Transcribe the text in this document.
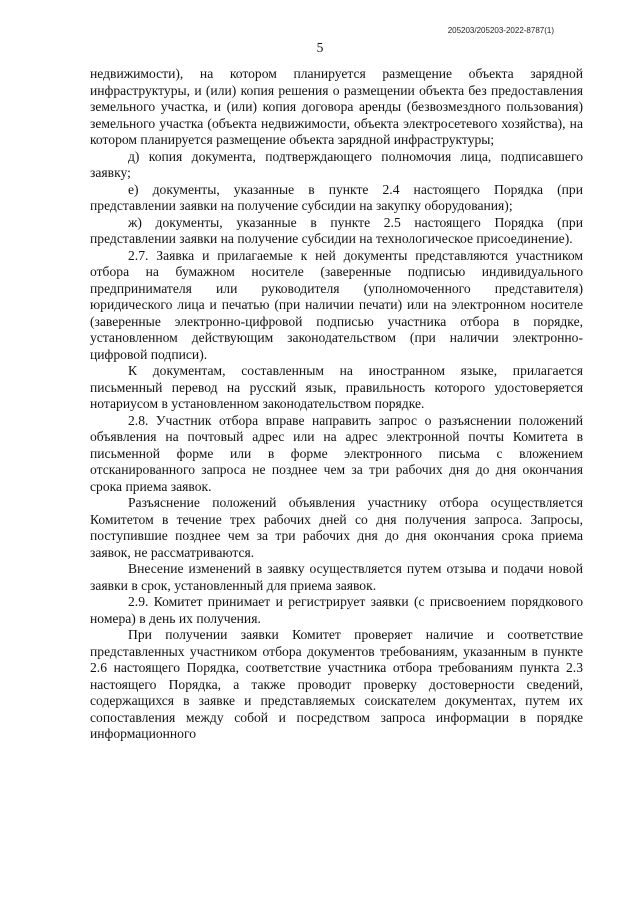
205203/205203-2022-8787(1)
5

недвижимости), на котором планируется размещение объекта зарядной инфраструктуры, и (или) копия решения о размещении объекта без предоставления земельного участка, и (или) копия договора аренды (безвозмездного пользования) земельного участка (объекта недвижимости, объекта электросетевого хозяйства), на котором планируется размещение объекта зарядной инфраструктуры;

д) копия документа, подтверждающего полномочия лица, подписавшего заявку;

е) документы, указанные в пункте 2.4 настоящего Порядка (при представлении заявки на получение субсидии на закупку оборудования);

ж) документы, указанные в пункте 2.5 настоящего Порядка (при представлении заявки на получение субсидии на технологическое присоединение).

2.7. Заявка и прилагаемые к ней документы представляются участником отбора на бумажном носителе (заверенные подписью индивидуального предпринимателя или руководителя (уполномоченного представителя) юридического лица и печатью (при наличии печати) или на электронном носителе (заверенные электронно-цифровой подписью участника отбора в порядке, установленном действующим законодательством (при наличии электронно-цифровой подписи).

К документам, составленным на иностранном языке, прилагается письменный перевод на русский язык, правильность которого удостоверяется нотариусом в установленном законодательством порядке.

2.8. Участник отбора вправе направить запрос о разъяснении положений объявления на почтовый адрес или на адрес электронной почты Комитета в письменной форме или в форме электронного письма с вложением отсканированного запроса не позднее чем за три рабочих дня до дня окончания срока приема заявок.

Разъяснение положений объявления участнику отбора осуществляется Комитетом в течение трех рабочих дней со дня получения запроса. Запросы, поступившие позднее чем за три рабочих дня до дня окончания срока приема заявок, не рассматриваются.

Внесение изменений в заявку осуществляется путем отзыва и подачи новой заявки в срок, установленный для приема заявок.

2.9. Комитет принимает и регистрирует заявки (с присвоением порядкового номера) в день их получения.

При получении заявки Комитет проверяет наличие и соответствие представленных участником отбора документов требованиям, указанным в пункте 2.6 настоящего Порядка, соответствие участника отбора требованиям пункта 2.3 настоящего Порядка, а также проводит проверку достоверности сведений, содержащихся в заявке и представляемых соискателем документах, путем их сопоставления между собой и посредством запроса информации в порядке информационного
